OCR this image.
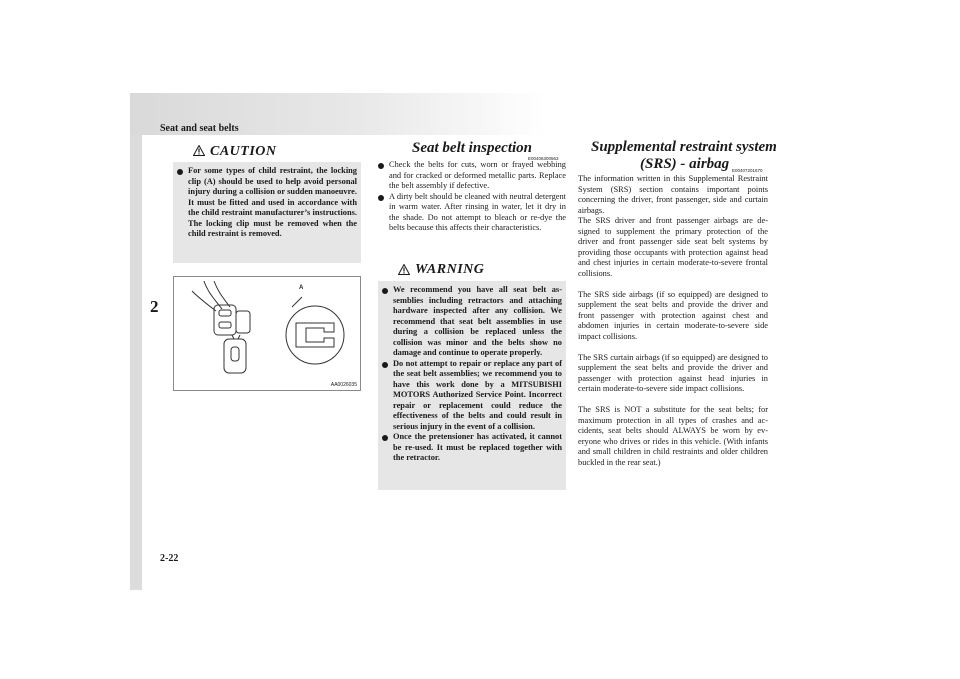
Seat and seat belts
2
2-22
CAUTION
For some types of child restraint, the locking clip (A) should be used to help avoid personal injury during a collision or sudden manoeuvre. It must be fitted and used in accordance with the child restraint manufacturer’s instructions. The locking clip must be removed when the child restraint is removed.
A
AA0026035
Seat belt inspection
E00406300563
Check the belts for cuts, worn or frayed webbing and for cracked or deformed metallic parts. Replace the belt assembly if defective.
A dirty belt should be cleaned with neutral detergent in warm water. After rinsing in water, let it dry in the shade. Do not attempt to bleach or re-dye the belts because this affects their characteristics.
WARNING
We recommend you have all seat belt assemblies including retractors and attaching hardware inspected after any collision. We recommend that seat belt assemblies in use during a collision be replaced unless the collision was minor and the belts show no damage and continue to operate properly.
Do not attempt to repair or replace any part of the seat belt assemblies; we recommend you to have this work done by a MITSUBISHI MOTORS Authorized Service Point. Incorrect repair or replacement could reduce the effectiveness of the belts and could result in serious injury in the event of a collision.
Once the pretensioner has activated, it cannot be re-used. It must be replaced together with the retractor.
Supplemental restraint system
(SRS) - airbag E00407201670

The information written in this Supplemental Restraint System (SRS) section contains important points concerning the driver, front passenger, side and curtain airbags.

The SRS driver and front passenger airbags are designed to supplement the primary protection of the driver and front passenger side seat belt systems by providing those occupants with protection against head and chest injuries in certain moderate-to-severe frontal collisions.

The SRS side airbags (if so equipped) are designed to supplement the seat belts and provide the driver and front passenger with protection against chest and abdomen injuries in certain moderate-to-severe side impact collisions.

The SRS curtain airbags (if so equipped) are designed to supplement the seat belts and provide the driver and passenger with protection against head injuries in certain moderate-to-severe side impact collisions.

The SRS is NOT a substitute for the seat belts; for maximum protection in all types of crashes and accidents, seat belts should ALWAYS be worn by everyone who drives or rides in this vehicle. (With infants and small children in child restraints and older children buckled in the rear seat.)
